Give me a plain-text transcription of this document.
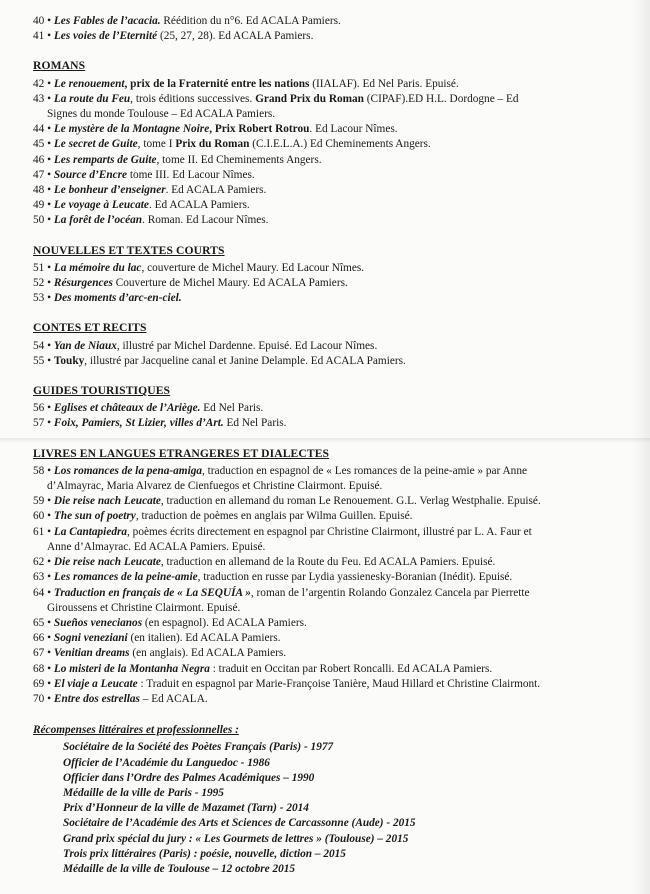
40 • Les Fables de l’acacia. Réédition du n°6. Ed ACALA Pamiers.
41 • Les voies de l’Eternité (25, 27, 28). Ed ACALA Pamiers.
ROMANS
42 • Le renouement, prix de la Fraternité entre les nations (IIALAF). Ed Nel Paris. Epuisé.
43 • La route du Feu, trois éditions successives. Grand Prix du Roman (CIPAF).ED H.L. Dordogne – Ed
Signes du monde Toulouse – Ed ACALA Pamiers.
44 • Le mystère de la Montagne Noire, Prix Robert Rotrou. Ed Lacour Nîmes.
45 • Le secret de Guite, tome I Prix du Roman (C.I.E.L.A.) Ed Cheminements Angers.
46 • Les remparts de Guite, tome II. Ed Cheminements Angers.
47 • Source d’Encre tome III. Ed Lacour Nîmes.
48 • Le bonheur d’enseigner. Ed ACALA Pamiers.
49 • Le voyage à Leucate. Ed ACALA Pamiers.
50 • La forêt de l’océan. Roman. Ed Lacour Nîmes.
NOUVELLES ET TEXTES COURTS
51 • La mémoire du lac, couverture de Michel Maury. Ed Lacour Nîmes.
52 • Résurgences Couverture de Michel Maury. Ed ACALA Pamiers.
53 • Des moments d’arc-en-ciel.
CONTES ET RECITS
54 • Yan de Niaux, illustré par Michel Dardenne. Epuisé. Ed Lacour Nîmes.
55 • Touky, illustré par Jacqueline canal et Janine Delample. Ed ACALA Pamiers.
GUIDES TOURISTIQUES
56 • Eglises et châteaux de l’Ariège. Ed Nel Paris.
57 • Foix, Pamiers, St Lizier, villes d’Art. Ed Nel Paris.
LIVRES EN LANGUES ETRANGERES ET DIALECTES
58 • Los romances de la pena-amiga, traduction en espagnol de « Les romances de la peine-amie » par Anne
d’Almayrac, Maria Alvarez de Cienfuegos et Christine Clairmont. Epuisé.
59 • Die reise nach Leucate, traduction en allemand du roman Le Renouement. G.L. Verlag Westphalie. Epuisé.
60 • The sun of poetry, traduction de poèmes en anglais par Wilma Guillen. Epuisé.
61 • La Cantapiedra, poèmes écrits directement en espagnol par Christine Clairmont, illustré par L. A. Faur et
Anne d’Almayrac. Ed ACALA Pamiers. Epuisé.
62 • Die reise nach Leucate, traduction en allemand de la Route du Feu. Ed ACALA Pamiers. Epuisé.
63 • Les romances de la peine-amie, traduction en russe par Lydia yassienesky-Boranian (Inédit). Epuisé.
64 • Traduction en français de « La SEQUÍA », roman de l’argentin Rolando Gonzalez Cancela par Pierrette
Giroussens et Christine Clairmont. Epuisé.
65 • Sueños venecianos (en espagnol). Ed ACALA Pamiers.
66 • Sogni veneziani (en italien). Ed ACALA Pamiers.
67 • Venitian dreams (en anglais). Ed ACALA Pamiers.
68 • Lo misteri de la Montanha Negra : traduit en Occitan par Robert Roncalli. Ed ACALA Pamiers.
69 • El viaje a Leucate : Traduit en espagnol par Marie-Françoise Tanière, Maud Hillard et Christine Clairmont.
70 • Entre dos estrellas – Ed ACALA.
Récompenses littéraires et professionnelles :
Sociétaire de la Société des Poètes Français (Paris) - 1977
Officier de l’Académie du Languedoc - 1986
Officier dans l’Ordre des Palmes Académiques – 1990
Médaille de la ville de Paris - 1995
Prix d’Honneur de la ville de Mazamet (Tarn) - 2014
Sociétaire de l’Académie des Arts et Sciences de Carcassonne (Aude) - 2015
Grand prix spécial du jury : « Les Gourmets de lettres » (Toulouse) – 2015
Trois prix littéraires (Paris) : poésie, nouvelle, diction – 2015
Médaille de la ville de Toulouse – 12 octobre 2015
